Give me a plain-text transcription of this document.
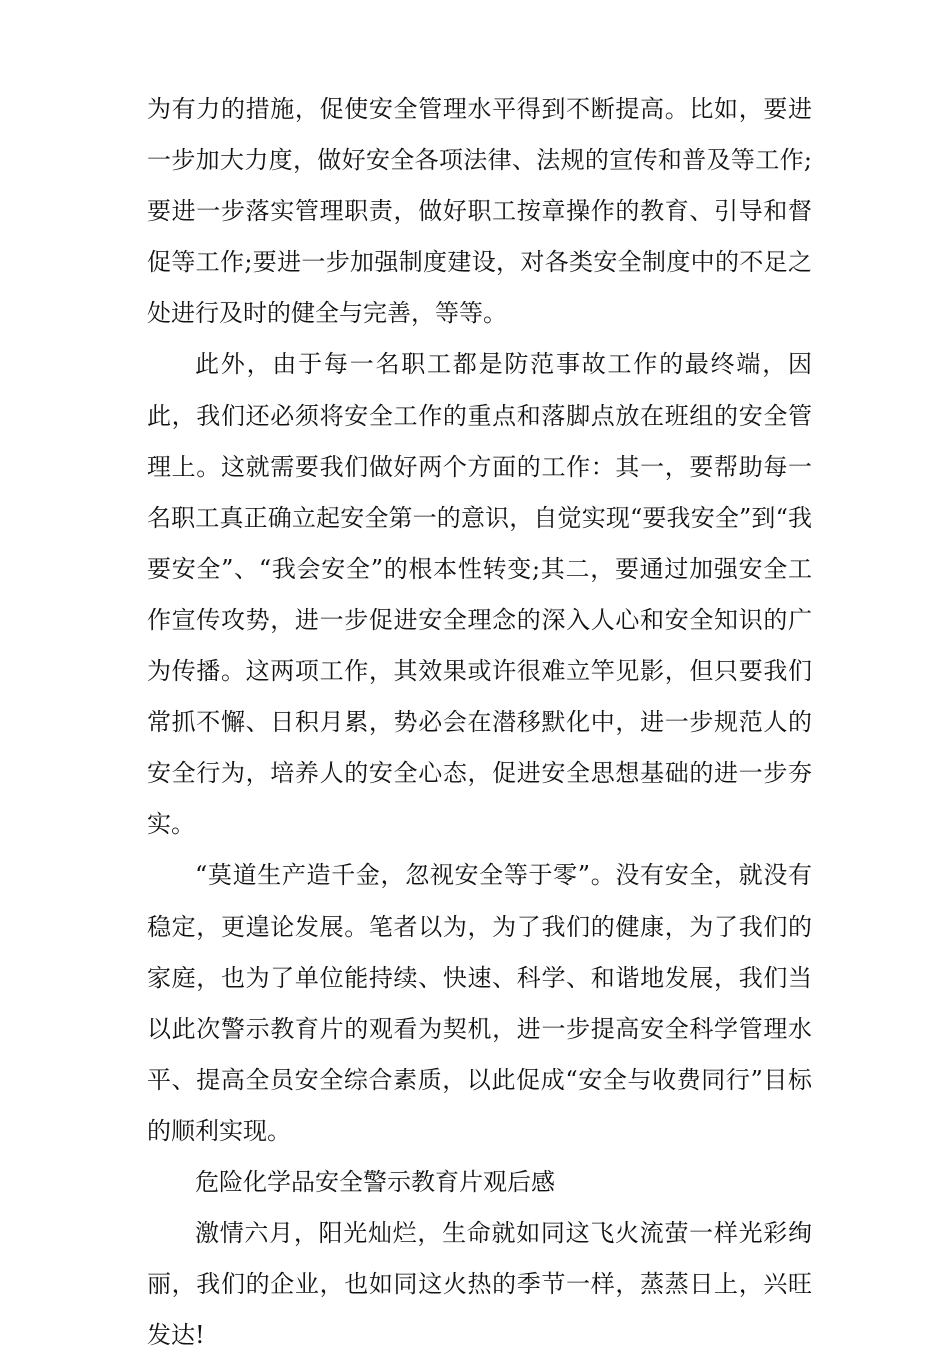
为有力的措施，促使安全管理水平得到不断提高。比如，要进一步加大力度，做好安全各项法律、法规的宣传和普及等工作;要进一步落实管理职责，做好职工按章操作的教育、引导和督促等工作;要进一步加强制度建设，对各类安全制度中的不足之处进行及时的健全与完善，等等。

此外，由于每一名职工都是防范事故工作的最终端，因此，我们还必须将安全工作的重点和落脚点放在班组的安全管理上。这就需要我们做好两个方面的工作：其一，要帮助每一名职工真正确立起安全第一的意识，自觉实现“要我安全”到“我要安全”、“我会安全”的根本性转变;其二，要通过加强安全工作宣传攻势，进一步促进安全理念的深入人心和安全知识的广为传播。这两项工作，其效果或许很难立竿见影，但只要我们常抓不懈、日积月累，势必会在潜移默化中，进一步规范人的安全行为，培养人的安全心态，促进安全思想基础的进一步夯实。

“莫道生产造千金，忽视安全等于零”。没有安全，就没有稳定，更遑论发展。笔者以为，为了我们的健康，为了我们的家庭，也为了单位能持续、快速、科学、和谐地发展，我们当以此次警示教育片的观看为契机，进一步提高安全科学管理水平、提高全员安全综合素质，以此促成“安全与收费同行”目标的顺利实现。

危险化学品安全警示教育片观后感

激情六月，阳光灿烂，生命就如同这飞火流萤一样光彩绚丽，我们的企业，也如同这火热的季节一样，蒸蒸日上，兴旺发达!
